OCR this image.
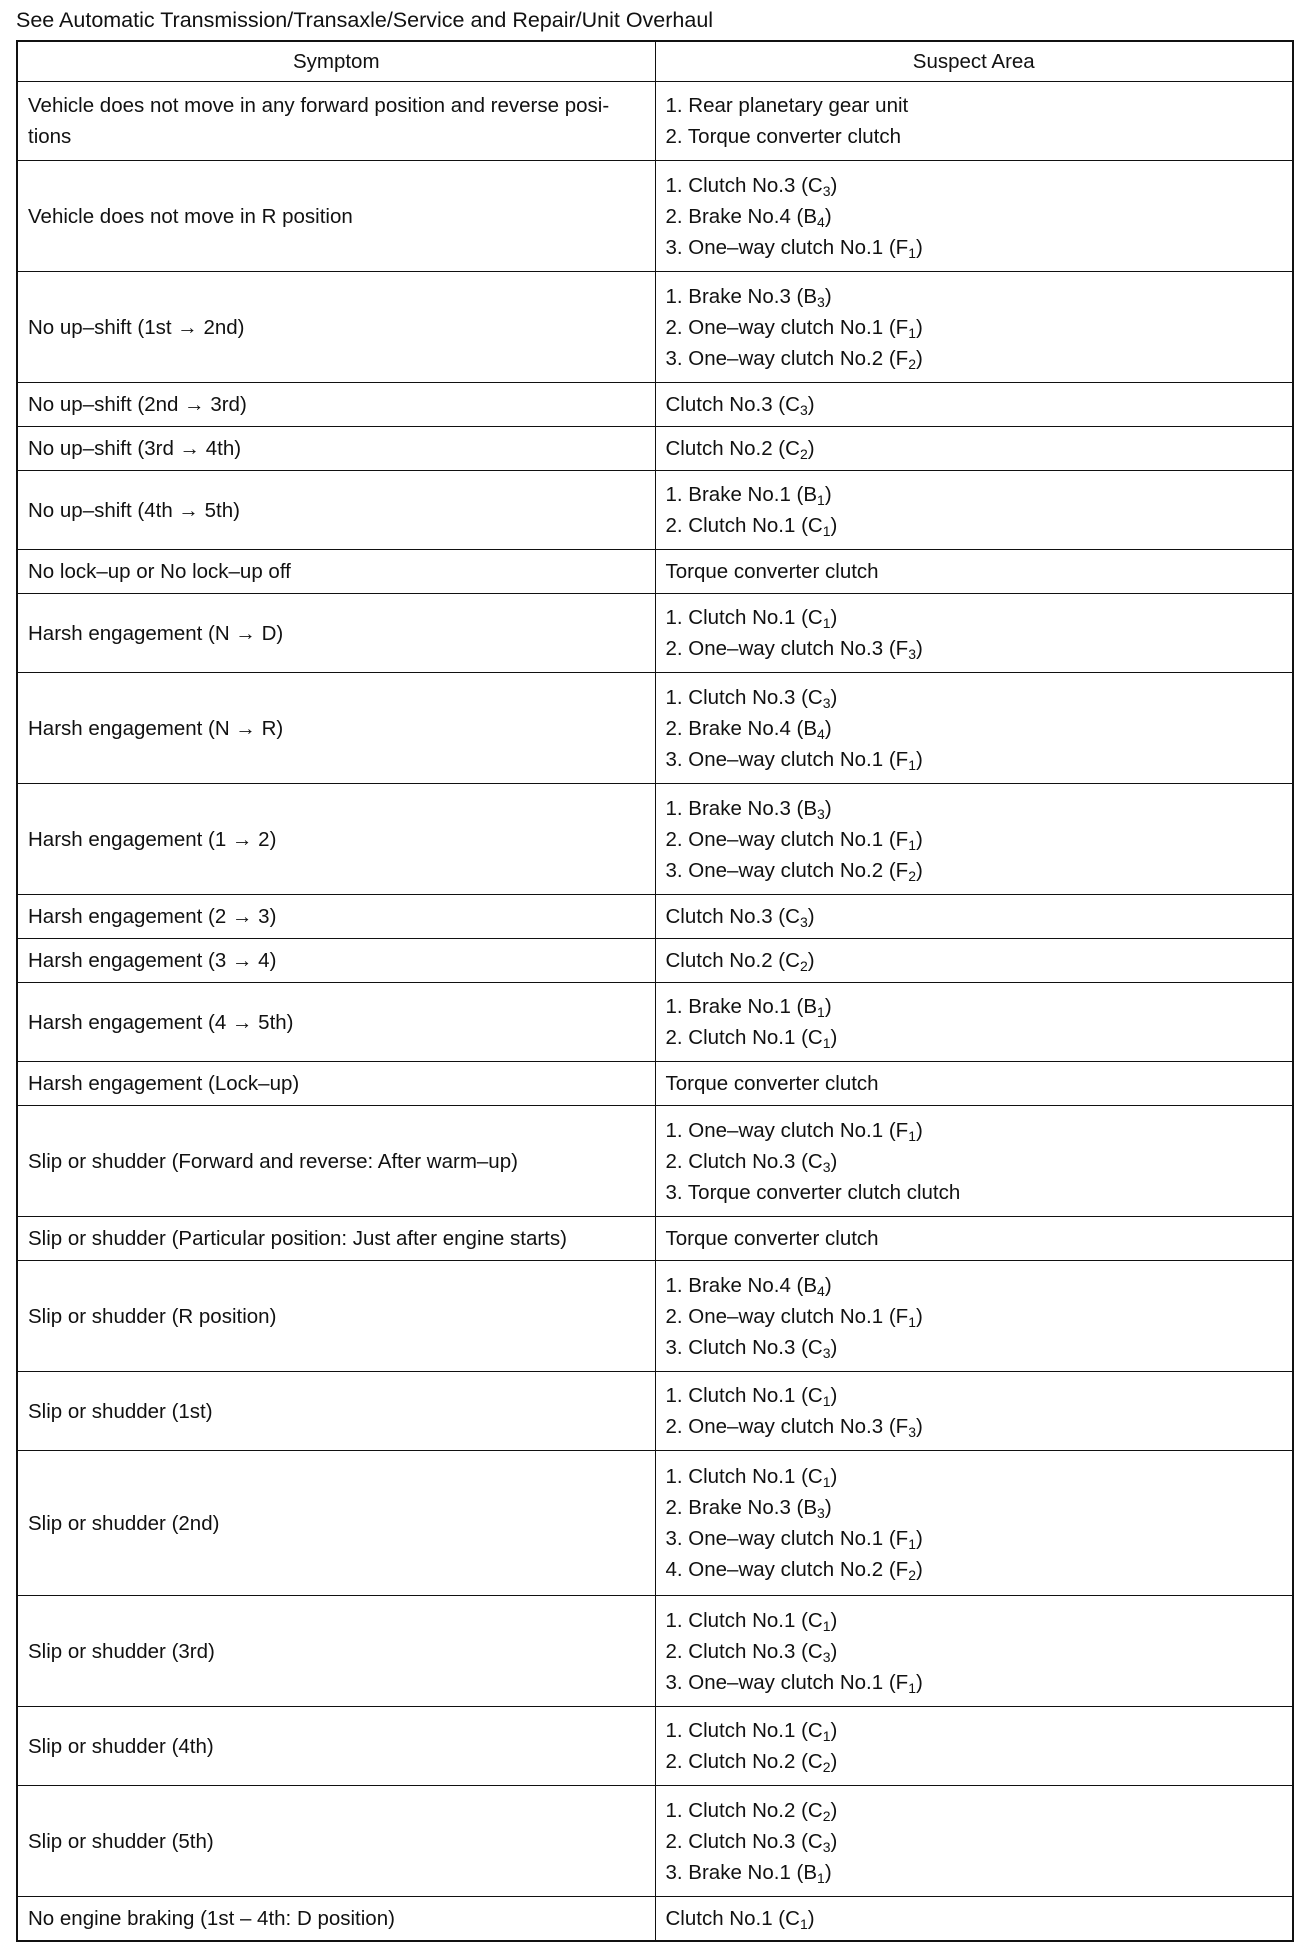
See Automatic Transmission/Transaxle/Service and Repair/Unit Overhaul
Symptom	Suspect Area
Vehicle does not move in any forward position and reverse posi- tions	1. Rear planetary gear unit
2. Torque converter clutch

Vehicle does not move in R position	1. Clutch No.3 $(C_3)$
2. Brake No.4 $(B_4)$
3. One–way clutch No.1 $(F_1)$

No up–shift (1st → 2nd)	1. Brake No.3 $(B_3)$
2. One–way clutch No.1 $(F_1)$
3. One–way clutch No.2 $(F_2)$

No up–shift (2nd → 3rd)	Clutch No.3 $(C_3)$

No up–shift (3rd → 4th)	Clutch No.2 $(C_2)$

No up–shift (4th → 5th)	1. Brake No.1 $(B_1)$
2. Clutch No.1 $(C_1)$

No lock–up or No lock–up off	Torque converter clutch

Harsh engagement (N → D)	1. Clutch No.1 $(C_1)$
2. One–way clutch No.3 $(F_3)$

Harsh engagement (N → R)	1. Clutch No.3 $(C_3)$
2. Brake No.4 $(B_4)$
3. One–way clutch No.1 $(F_1)$

Harsh engagement (1 → 2)	1. Brake No.3 $(B_3)$
2. One–way clutch No.1 $(F_1)$
3. One–way clutch No.2 $(F_2)$

Harsh engagement (2 → 3)	Clutch No.3 $(C_3)$

Harsh engagement (3 → 4)	Clutch No.2 $(C_2)$

Harsh engagement (4 → 5th)	1. Brake No.1 $(B_1)$
2. Clutch No.1 $(C_1)$

Harsh engagement (Lock–up)	Torque converter clutch

Slip or shudder (Forward and reverse: After warm–up)	1. One–way clutch No.1 $(F_1)$
2. Clutch No.3 $(C_3)$
3. Torque converter clutch clutch

Slip or shudder (Particular position: Just after engine starts)	Torque converter clutch

Slip or shudder (R position)	1. Brake No.4 $(B_4)$
2. One–way clutch No.1 $(F_1)$
3. Clutch No.3 $(C_3)$

Slip or shudder (1st)	1. Clutch No.1 $(C_1)$
2. One–way clutch No.3 $(F_3)$

Slip or shudder (2nd)	1. Clutch No.1 $(C_1)$
2. Brake No.3 $(B_3)$
3. One–way clutch No.1 $(F_1)$
4. One–way clutch No.2 $(F_2)$

Slip or shudder (3rd)	1. Clutch No.1 $(C_1)$
2. Clutch No.3 $(C_3)$
3. One–way clutch No.1 $(F_1)$

Slip or shudder (4th)	1. Clutch No.1 $(C_1)$
2. Clutch No.2 $(C_2)$

Slip or shudder (5th)	1. Clutch No.2 $(C_2)$
2. Clutch No.3 $(C_3)$
3. Brake No.1 $(B_1)$

No engine braking (1st – 4th: D position)	Clutch No.1 $(C_1)$
